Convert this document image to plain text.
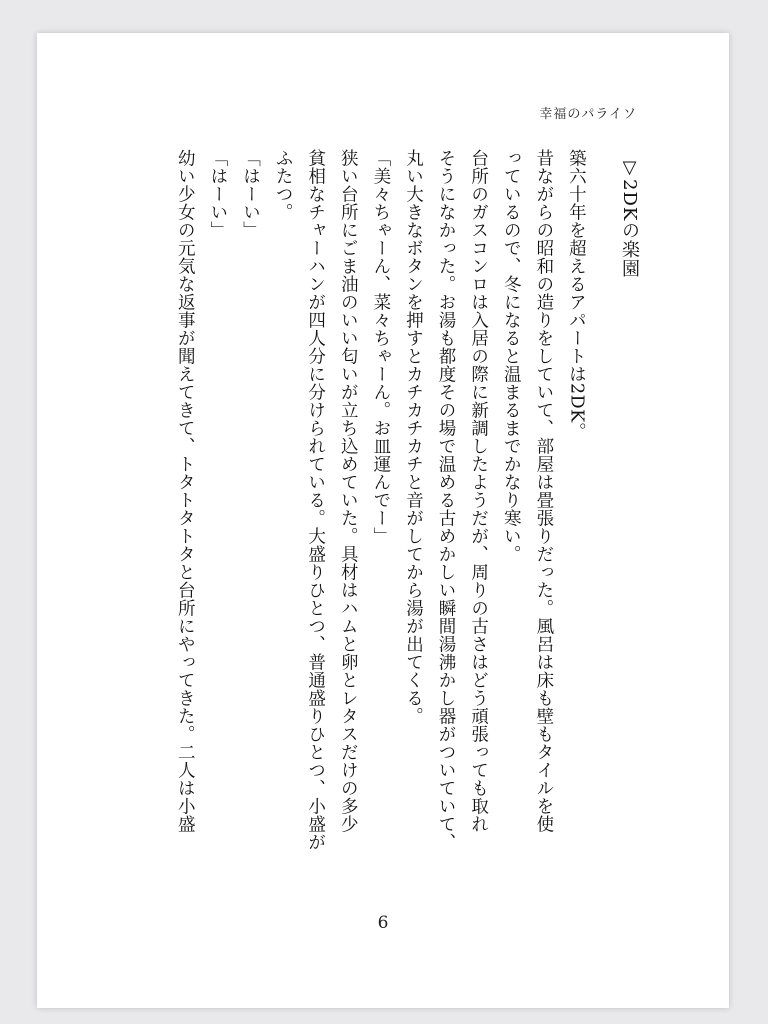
幸福のパライソ
▽2DKの楽園
築六十年を超えるアパートは2DK。
昔ながらの昭和の造りをしていて、部屋は畳張りだった。風呂は床も壁もタイルを使
っているので、冬になると温まるまでかなり寒い。
台所のガスコンロは入居の際に新調したようだが、周りの古さはどう頑張っても取れ
そうになかった。お湯も都度その場で温める古めかしい瞬間湯沸かし器がついていて、
丸い大きなボタンを押すとカチカチカチと音がしてから湯が出てくる。
「美々ちゃーん、菜々ちゃーん。お皿運んでー」
狭い台所にごま油のいい匂いが立ち込めていた。具材はハムと卵とレタスだけの多少
貧相なチャーハンが四人分に分けられている。大盛りひとつ、普通盛りひとつ、小盛が
ふたつ。
「はーい」
「はーい」
幼い少女の元気な返事が聞えてきて、トタトタトタと台所にやってきた。二人は小盛
6
